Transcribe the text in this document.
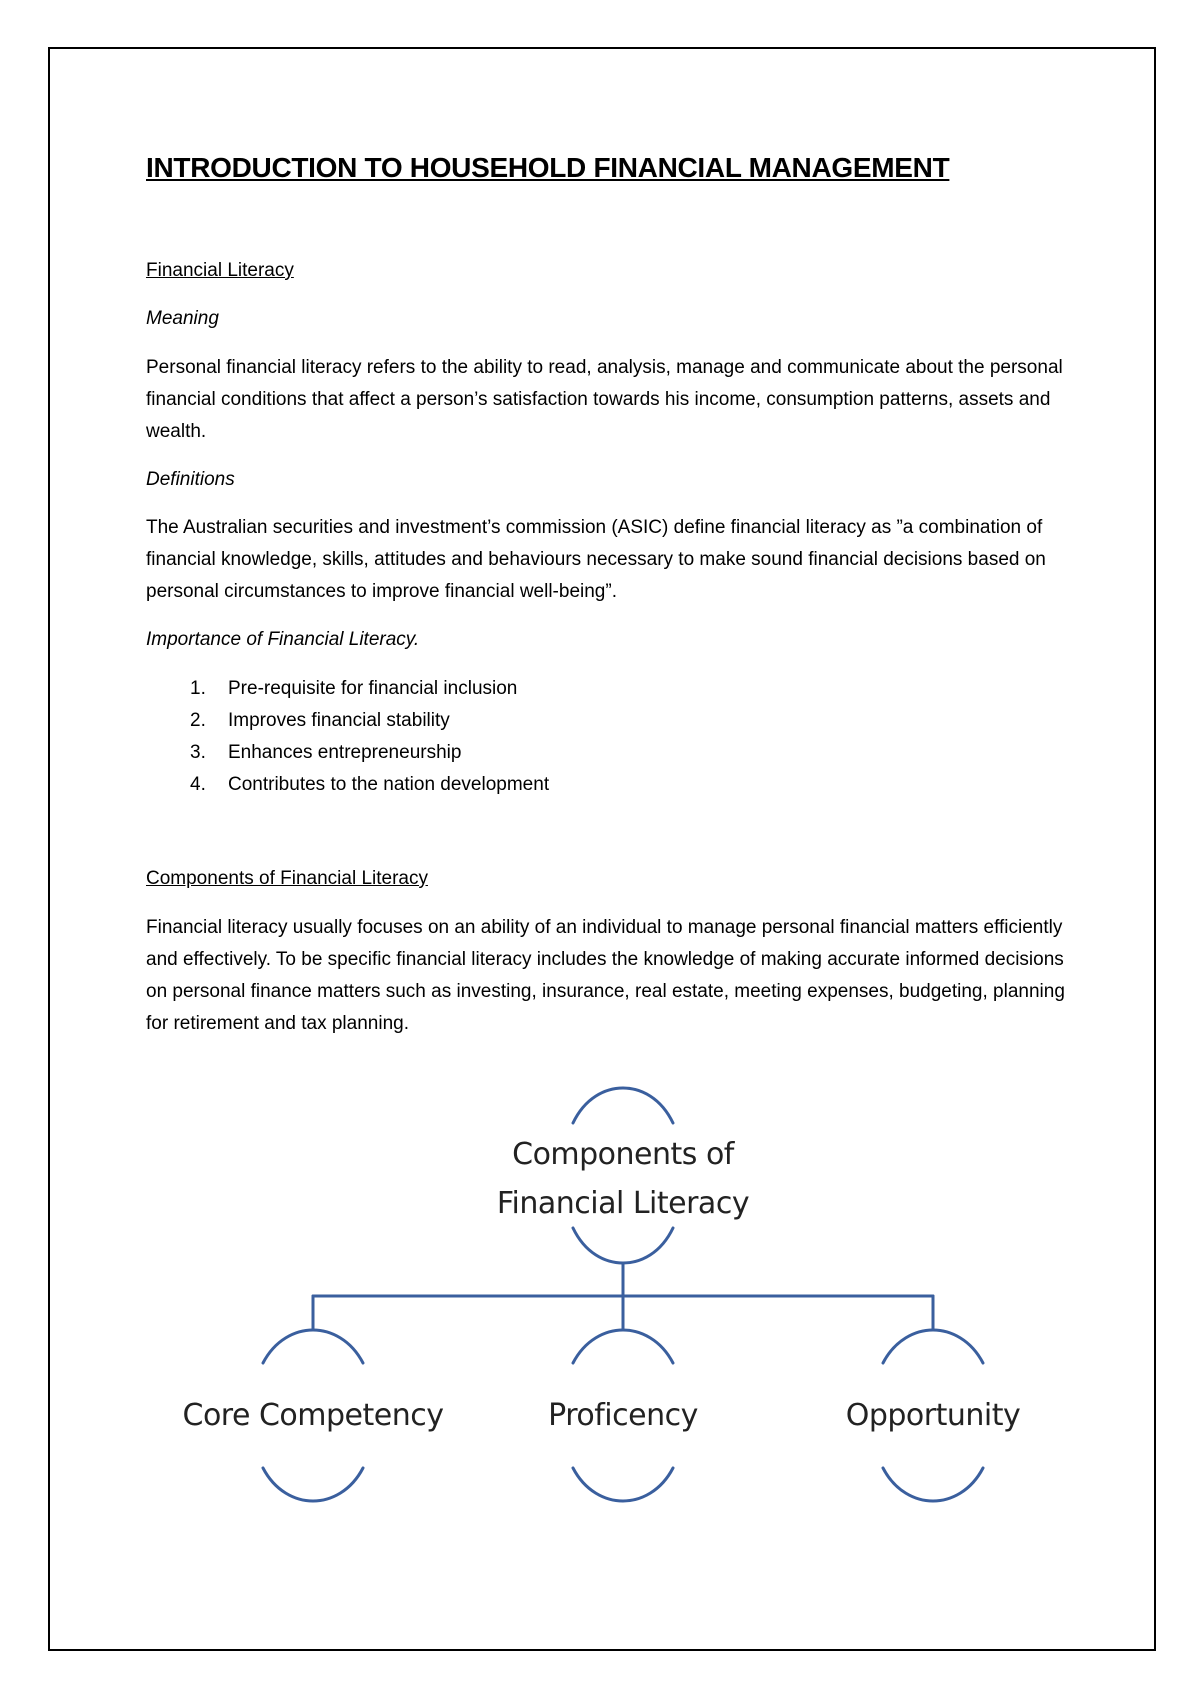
INTRODUCTION TO HOUSEHOLD FINANCIAL MANAGEMENT
Financial Literacy
Meaning

Personal financial literacy refers to the ability to read, analysis, manage and communicate about the personal financial conditions that affect a person’s satisfaction towards his income, consumption patterns, assets and wealth.

Definitions

The Australian securities and investment’s commission (ASIC) define financial literacy as ”a combination of financial knowledge, skills, attitudes and behaviours necessary to make sound financial decisions based on personal circumstances to improve financial well-being”.

Importance of Financial Literacy.
1.	Pre-requisite for financial inclusion
2.	Improves financial stability
3.	Enhances entrepreneurship
4.	Contributes to the nation development
Components of Financial Literacy

Financial literacy usually focuses on an ability of an individual to manage personal financial matters efficiently and effectively. To be specific financial literacy includes the knowledge of making accurate informed decisions on personal finance matters such as investing, insurance, real estate, meeting expenses, budgeting, planning for retirement and tax planning.

Components of
Financial Literacy
Core Competency	Proficency	Opportunity
